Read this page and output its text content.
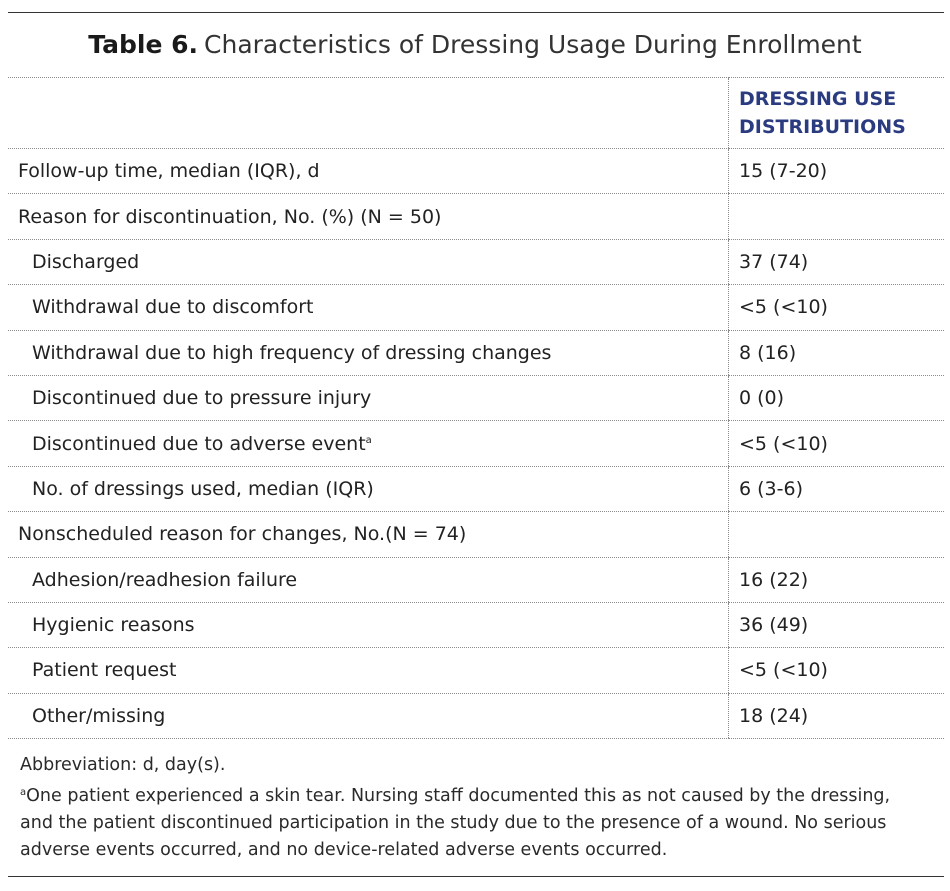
Table 6. Characteristics of Dressing Usage During Enrollment

	DRESSING USE
DISTRIBUTIONS

Follow-up time, median (IQR), d	15 (7-20)
Reason for discontinuation, No. (%) (N = 50)	
Discharged	37 (74)
Withdrawal due to discomfort	<5 (<10)
Withdrawal due to high frequency of dressing changes	8 (16)
Discontinued due to pressure injury	0 (0)
Discontinued due to adverse event$^a$	<5 (<10)
No. of dressings used, median (IQR)	6 (3-6)
Nonscheduled reason for changes, No.(N = 74)	
Adhesion/readhesion failure	16 (22)
Hygienic reasons	36 (49)
Patient request	<5 (<10)
Other/missing	18 (24)
Abbreviation: d, day(s).
$^a$One patient experienced a skin tear. Nursing staff documented this as not caused by the dressing,
and the patient discontinued participation in the study due to the presence of a wound. No serious
adverse events occurred, and no device-related adverse events occurred.
